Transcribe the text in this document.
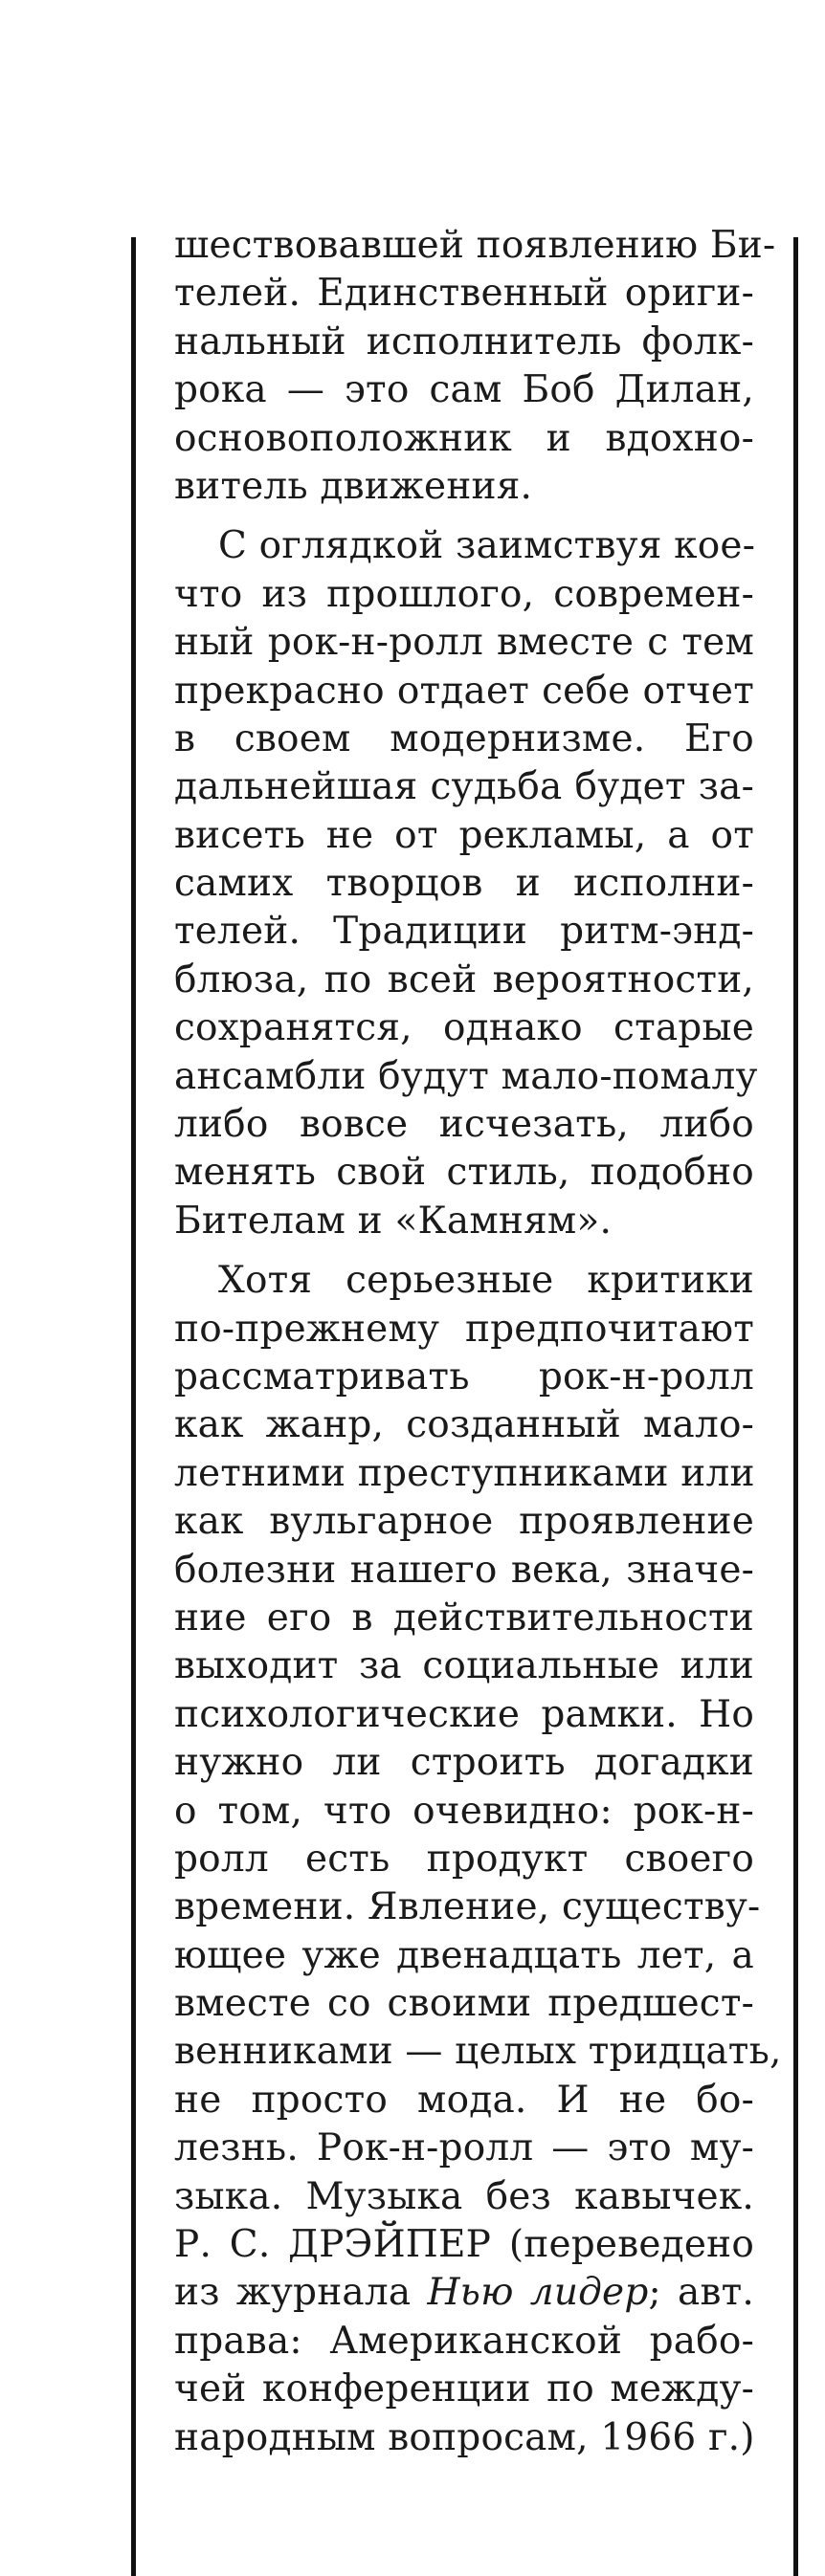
шествовавшей появлению Би-
телей. Единственный ориги-
нальный исполнитель фолк-
рока — это сам Боб Дилан,
основоположник и вдохно-
витель движения.

С оглядкой заимствуя кое-
что из прошлого, современ-
ный рок-н-ролл вместе с тем
прекрасно отдает себе отчет
в своем модернизме. Его
дальнейшая судьба будет за-
висеть не от рекламы, а от
самих творцов и исполни-
телей. Традиции ритм-энд-
блюза, по всей вероятности,
сохранятся, однако старые
ансамбли будут мало-помалу
либо вовсе исчезать, либо
менять свой стиль, подобно
Бителам и «Камням».

Хотя серьезные критики
по-прежнему предпочитают
рассматривать рок-н-ролл
как жанр, созданный мало-
летними преступниками или
как вульгарное проявление
болезни нашего века, значе-
ние его в действительности
выходит за социальные или
психологические рамки. Но
нужно ли строить догадки
о том, что очевидно: рок-н-
ролл есть продукт своего
времени. Явление, существу-
ющее уже двенадцать лет, а
вместе со своими предшест-
венниками — целых тридцать,
не просто мода. И не бо-
лезнь. Рок-н-ролл — это му-
зыка. Музыка без кавычек.

Р. С. ДРЭЙПЕР (переведено
из журнала Нью лидер; авт.
права: Американской рабо-
чей конференции по между-
народным вопросам, 1966 г.)
